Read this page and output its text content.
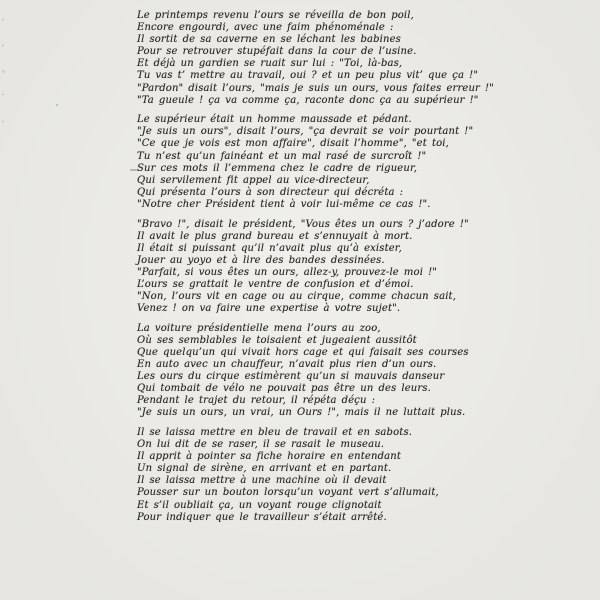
Le printemps revenu l’ours se réveilla de bon poil,

Encore engourdi, avec une faim phénoménale :

Il sortit de sa caverne en se léchant les babines

Pour se retrouver stupéfait dans la cour de l’usine.

Et déjà un gardien se ruait sur lui : "Toi, là-bas,

Tu vas t’ mettre au travail, oui ? et un peu plus vit’ que ça !"

"Pardon" disait l’ours, "mais je suis un ours, vous faites erreur !"

"Ta gueule ! ça va comme ça, raconte donc ça au supérieur !"

Le supérieur était un homme maussade et pédant.

"Je suis un ours", disait l’ours, "ça devrait se voir pourtant !"

"Ce que je vois est mon affaire", disait l’homme", "et toi,

Tu n’est qu’un fainéant et un mal rasé de surcroît !"

Sur ces mots il l’emmena chez le cadre de rigueur,

Qui servilement fit appel au vice-directeur,

Qui présenta l’ours à son directeur qui décréta :

"Notre cher Président tient à voir lui-même ce cas !".

"Bravo !", disait le président, "Vous êtes un ours ? j’adore !"

Il avait le plus grand bureau et s’ennuyait à mort.

Il était si puissant qu’il n’avait plus qu’à exister,

Jouer au yoyo et à lire des bandes dessinées.

"Parfait, si vous êtes un ours, allez-y, prouvez-le moi !"

L’ours se grattait le ventre de confusion et d’émoi.

"Non, l’ours vit en cage ou au cirque, comme chacun sait,

Venez ! on va faire une expertise à votre sujet".

La voiture présidentielle mena l’ours au zoo,

Où ses semblables le toisaient et jugeaient aussitôt

Que quelqu’un qui vivait hors cage et qui faisait ses courses

En auto avec un chauffeur, n’avait plus rien d’un ours.

Les ours du cirque estimèrent qu’un si mauvais danseur

Qui tombait de vélo ne pouvait pas être un des leurs.

Pendant le trajet du retour, il répéta déçu :

"Je suis un ours, un vrai, un Ours !", mais il ne luttait plus.

Il se laissa mettre en bleu de travail et en sabots.

On lui dit de se raser, il se rasait le museau.

Il apprit à pointer sa fiche horaire en entendant

Un signal de sirène, en arrivant et en partant.

Il se laissa mettre à une machine où il devait

Pousser sur un bouton lorsqu’un voyant vert s’allumait,

Et s’il oubliait ça, un voyant rouge clignotait

Pour indiquer que le travailleur s’était arrêté.
